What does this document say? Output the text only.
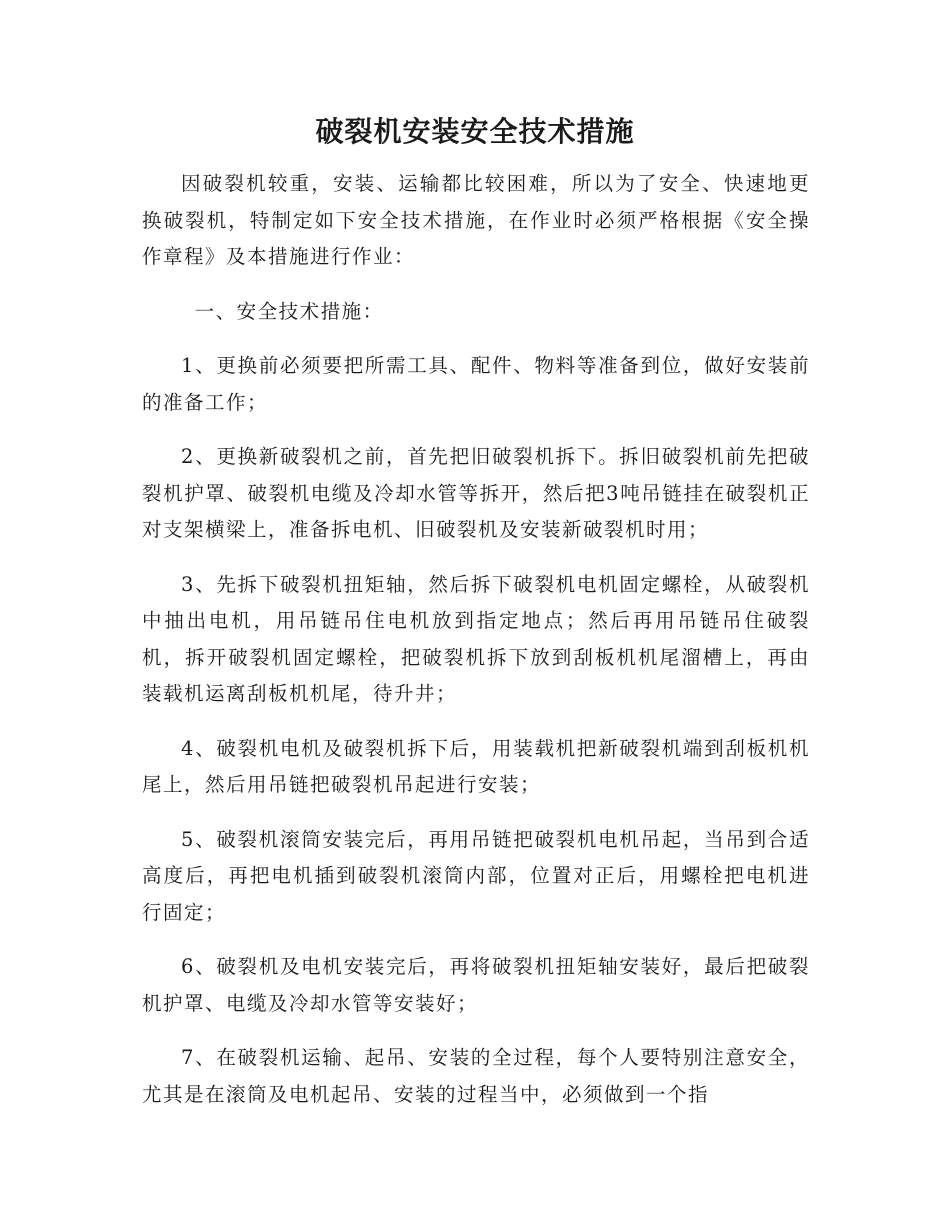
破裂机安装安全技术措施

因破裂机较重，安装、运输都比较困难，所以为了安全、快速地更换破裂机，特制定如下安全技术措施，在作业时必须严格根据《安全操作章程》及本措施进行作业：

一、安全技术措施：

1、更换前必须要把所需工具、配件、物料等准备到位，做好安装前的准备工作；

2、更换新破裂机之前，首先把旧破裂机拆下。拆旧破裂机前先把破裂机护罩、破裂机电缆及冷却水管等拆开，然后把3吨吊链挂在破裂机正对支架横梁上，准备拆电机、旧破裂机及安装新破裂机时用；

3、先拆下破裂机扭矩轴，然后拆下破裂机电机固定螺栓，从破裂机中抽出电机，用吊链吊住电机放到指定地点；然后再用吊链吊住破裂机，拆开破裂机固定螺栓，把破裂机拆下放到刮板机机尾溜槽上，再由装载机运离刮板机机尾，待升井；

4、破裂机电机及破裂机拆下后，用装载机把新破裂机端到刮板机机尾上，然后用吊链把破裂机吊起进行安装；

5、破裂机滚筒安装完后，再用吊链把破裂机电机吊起，当吊到合适高度后，再把电机插到破裂机滚筒内部，位置对正后，用螺栓把电机进行固定；

6、破裂机及电机安装完后，再将破裂机扭矩轴安装好，最后把破裂机护罩、电缆及冷却水管等安装好；

7、在破裂机运输、起吊、安装的全过程，每个人要特别注意安全，尤其是在滚筒及电机起吊、安装的过程当中，必须做到一个指
